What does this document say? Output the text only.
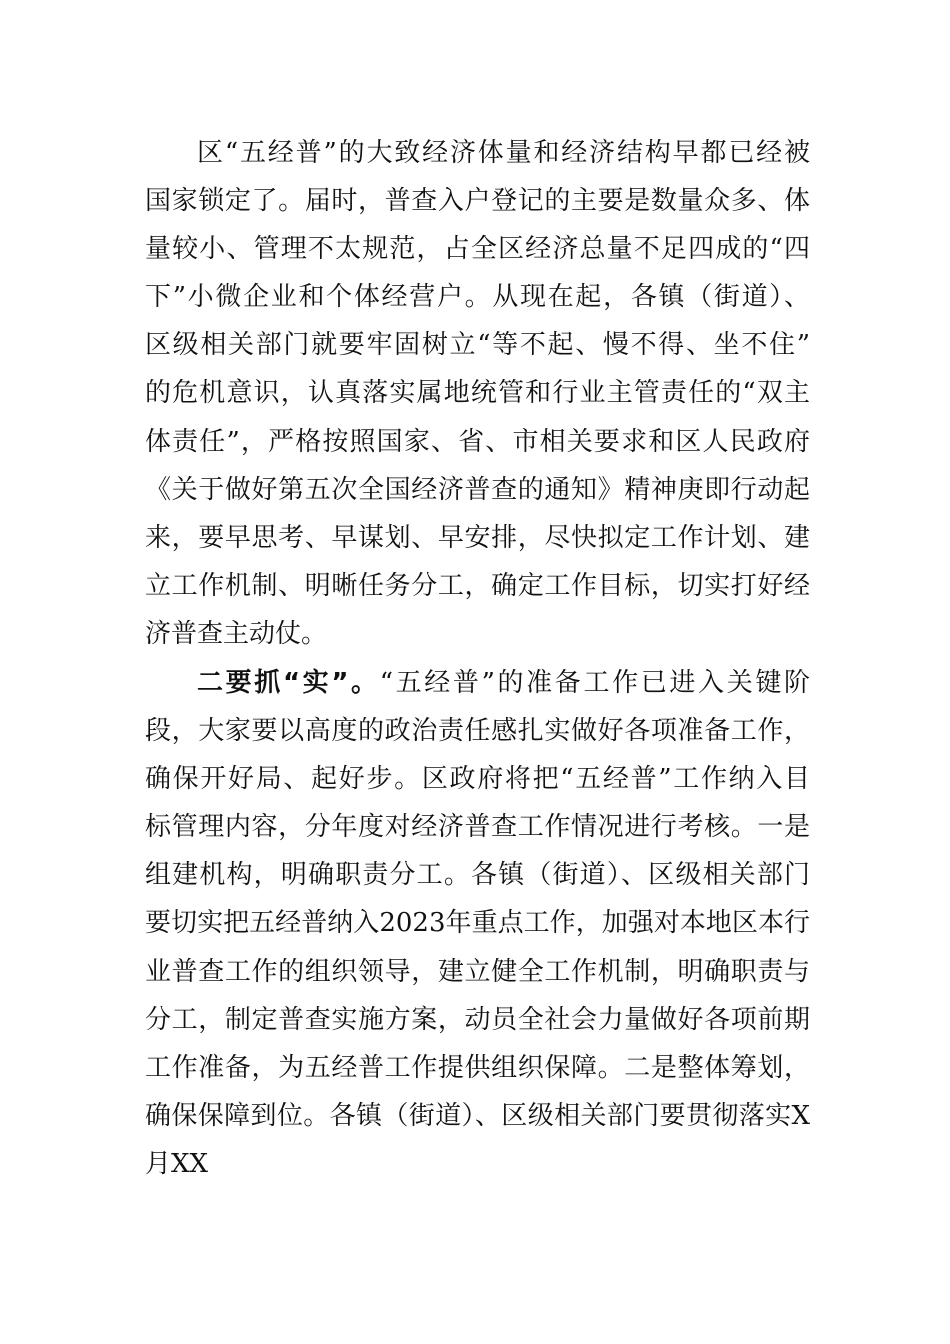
区“五经普”的大致经济体量和经济结构早都已经被
国家锁定了。届时，普查入户登记的主要是数量众多、体
量较小、管理不太规范，占全区经济总量不足四成的“四
下”小微企业和个体经营户。从现在起，各镇（街道）、
区级相关部门就要牢固树立“等不起、慢不得、坐不住”
的危机意识，认真落实属地统管和行业主管责任的“双主
体责任”，严格按照国家、省、市相关要求和区人民政府
《关于做好第五次全国经济普查的通知》精神庚即行动起
来，要早思考、早谋划、早安排，尽快拟定工作计划、建
立工作机制、明晰任务分工，确定工作目标，切实打好经
济普查主动仗。
二要抓“实”。“五经普”的准备工作已进入关键阶
段，大家要以高度的政治责任感扎实做好各项准备工作，
确保开好局、起好步。区政府将把“五经普”工作纳入目
标管理内容，分年度对经济普查工作情况进行考核。一是
组建机构，明确职责分工。各镇（街道）、区级相关部门
要切实把五经普纳入2023年重点工作，加强对本地区本行
业普查工作的组织领导，建立健全工作机制，明确职责与
分工，制定普查实施方案，动员全社会力量做好各项前期
工作准备，为五经普工作提供组织保障。二是整体筹划，
确保保障到位。各镇（街道）、区级相关部门要贯彻落实X
月XX
